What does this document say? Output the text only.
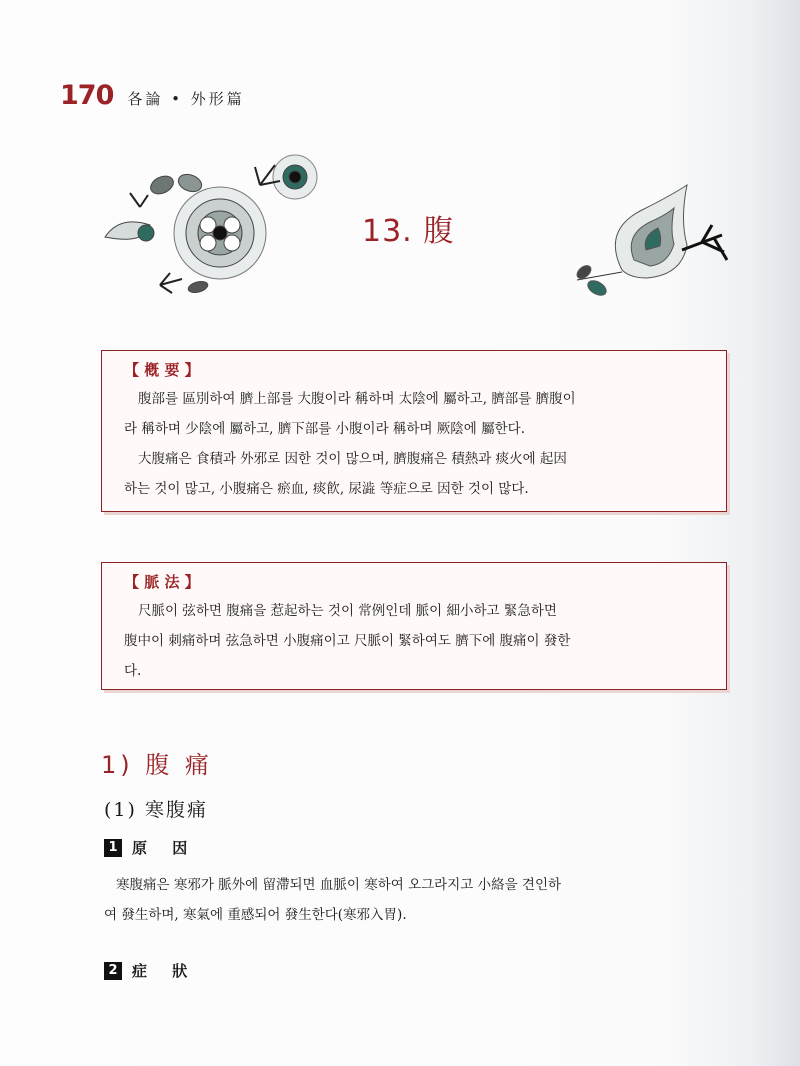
170 各論 • 外形篇
13. 腹
【 槪 要 】

腹部를 區別하여 臍上部를 大腹이라 稱하며 太陰에 屬하고, 臍部를 臍腹이

라 稱하며 少陰에 屬하고, 臍下部를 小腹이라 稱하며 厥陰에 屬한다.

大腹痛은 食積과 外邪로 因한 것이 많으며, 臍腹痛은 積熱과 痰火에 起因

하는 것이 많고, 小腹痛은 瘀血, 痰飮, 尿澁 等症으로 因한 것이 많다.

【 脈 法 】

尺脈이 弦하면 腹痛을 惹起하는 것이 常例인데 脈이 細小하고 緊急하면

腹中이 刺痛하며 弦急하면 小腹痛이고 尺脈이 緊하여도 臍下에 腹痛이 發한

다.

1) 腹 痛
(1) 寒腹痛
1 原 因

寒腹痛은 寒邪가 脈外에 留滯되면 血脈이 寒하여 오그라지고 小絡을 견인하
여 發生하며, 寒氣에 重感되어 發生한다(寒邪入胃).

2 症 狀
